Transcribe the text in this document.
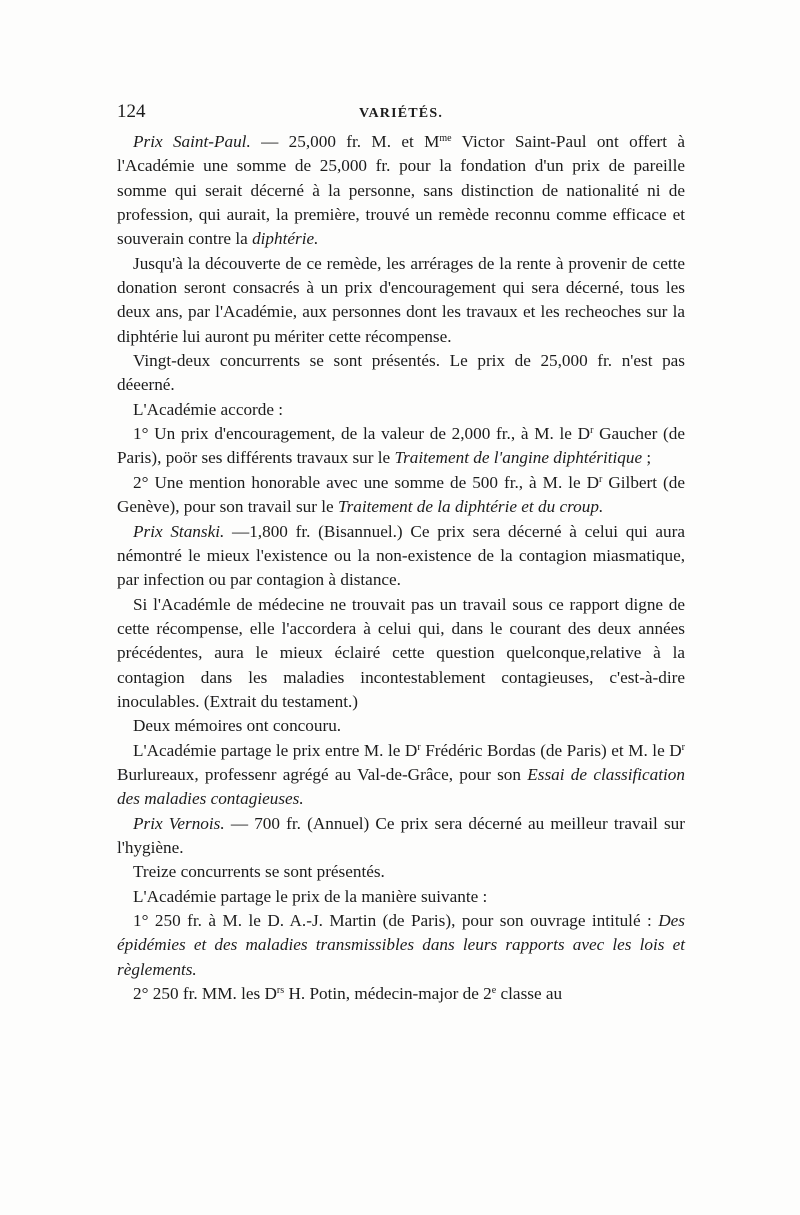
124	VARIÉTÉS.

Prix Saint-Paul. — 25,000 fr. M. et $M^{me}$ Victor Saint-Paul ont offert à l'Académie une somme de 25,000 fr. pour la fondation d'un prix de pareille somme qui serait décerné à la personne, sans distinction de nationalité ni de profession, qui aurait, la première, trouvé un remède reconnu comme efficace et souverain contre la diphtérie.

Jusqu'à la découverte de ce remède, les arrérages de la rente à provenir de cette donation seront consacrés à un prix d'encouragement qui sera décerné, tous les deux ans, par l'Académie, aux personnes dont les travaux et les recheoches sur la diphtérie lui auront pu mériter cette récompense.

Vingt-deux concurrents se sont présentés. Le prix de 25,000 fr. n'est pas déeerné.

L'Académie accorde :

1° Un prix d'encouragement, de la valeur de 2,000 fr., à M. le $D^r$ Gaucher (de Paris), poör ses différents travaux sur le Traitement de l'angine diphtéritique ;

2° Une mention honorable avec une somme de 500 fr., à M. le $D^r$ Gilbert (de Genève), pour son travail sur le Traitement de la diphtérie et du croup.

Prix Stanski. —1,800 fr. (Bisannuel.) Ce prix sera décerné à celui qui aura némontré le mieux l'existence ou la non-existence de la contagion miasmatique, par infection ou par contagion à distance.

Si l'Académle de médecine ne trouvait pas un travail sous ce rapport digne de cette récompense, elle l'accordera à celui qui, dans le courant des deux années précédentes, aura le mieux éclairé cette question quelconque,relative à la contagion dans les maladies incontestablement contagieuses, c'est-à-dire inoculables. (Extrait du testament.)

Deux mémoires ont concouru.

L'Académie partage le prix entre M. le $D^r$ Frédéric Bordas (de Paris) et M. le $D^r$ Burlureaux, professenr agrégé au Val-de-Grâce, pour son Essai de classification des maladies contagieuses.

Prix Vernois. — 700 fr. (Annuel) Ce prix sera décerné au meilleur travail sur l'hygiène.

Treize concurrents se sont présentés.

L'Académie partage le prix de la manière suivante :

1° 250 fr. à M. le D. A.-J. Martin (de Paris), pour son ouvrage intitulé : Des épidémies et des maladies transmissibles dans leurs rapports avec les lois et règlements.

2° 250 fr. MM. les $D^{rs}$ H. Potin, médecin-major de 2e classe au
